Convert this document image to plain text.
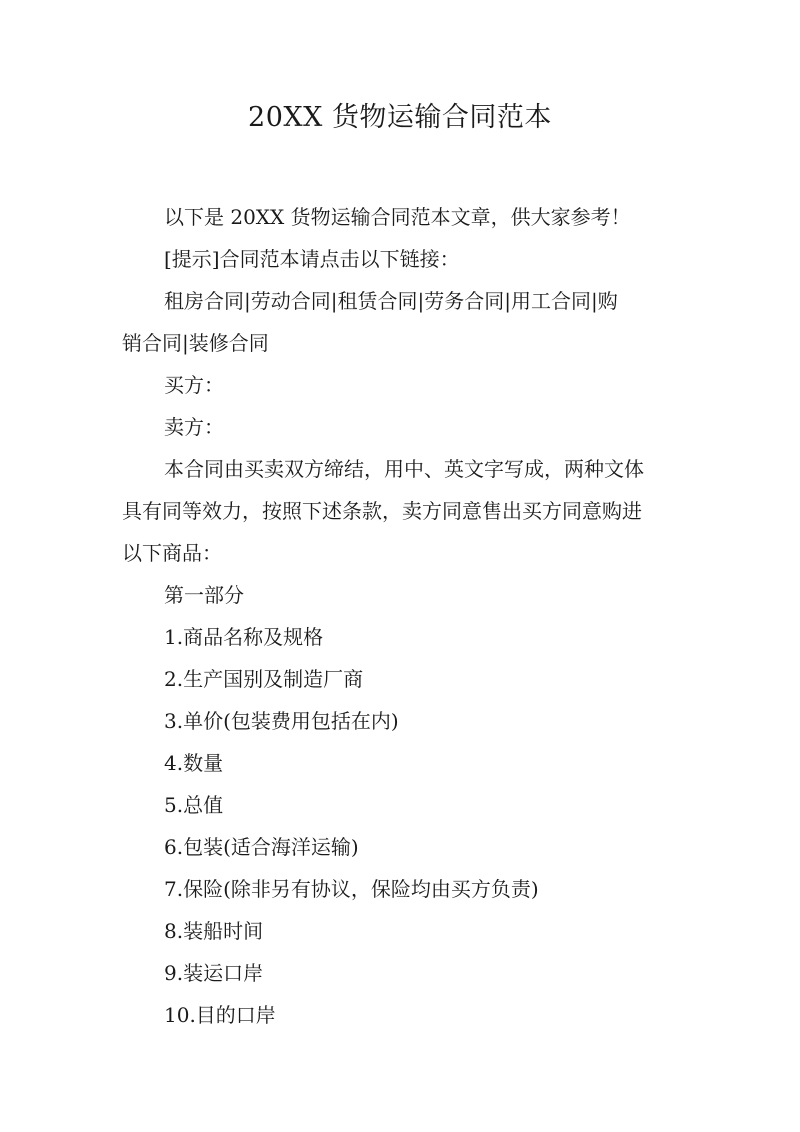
20XX 货物运输合同范本

以下是 20XX 货物运输合同范本文章，供大家参考！

[提示]合同范本请点击以下链接：

租房合同|劳动合同|租赁合同|劳务合同|用工合同|购

销合同|装修合同

买方：

卖方：

本合同由买卖双方缔结，用中、英文字写成，两种文体

具有同等效力，按照下述条款，卖方同意售出买方同意购进

以下商品：

第一部分

1.商品名称及规格

2.生产国别及制造厂商

3.单价(包装费用包括在内)

4.数量

5.总值

6.包装(适合海洋运输)

7.保险(除非另有协议，保险均由买方负责)

8.装船时间

9.装运口岸

10.目的口岸
